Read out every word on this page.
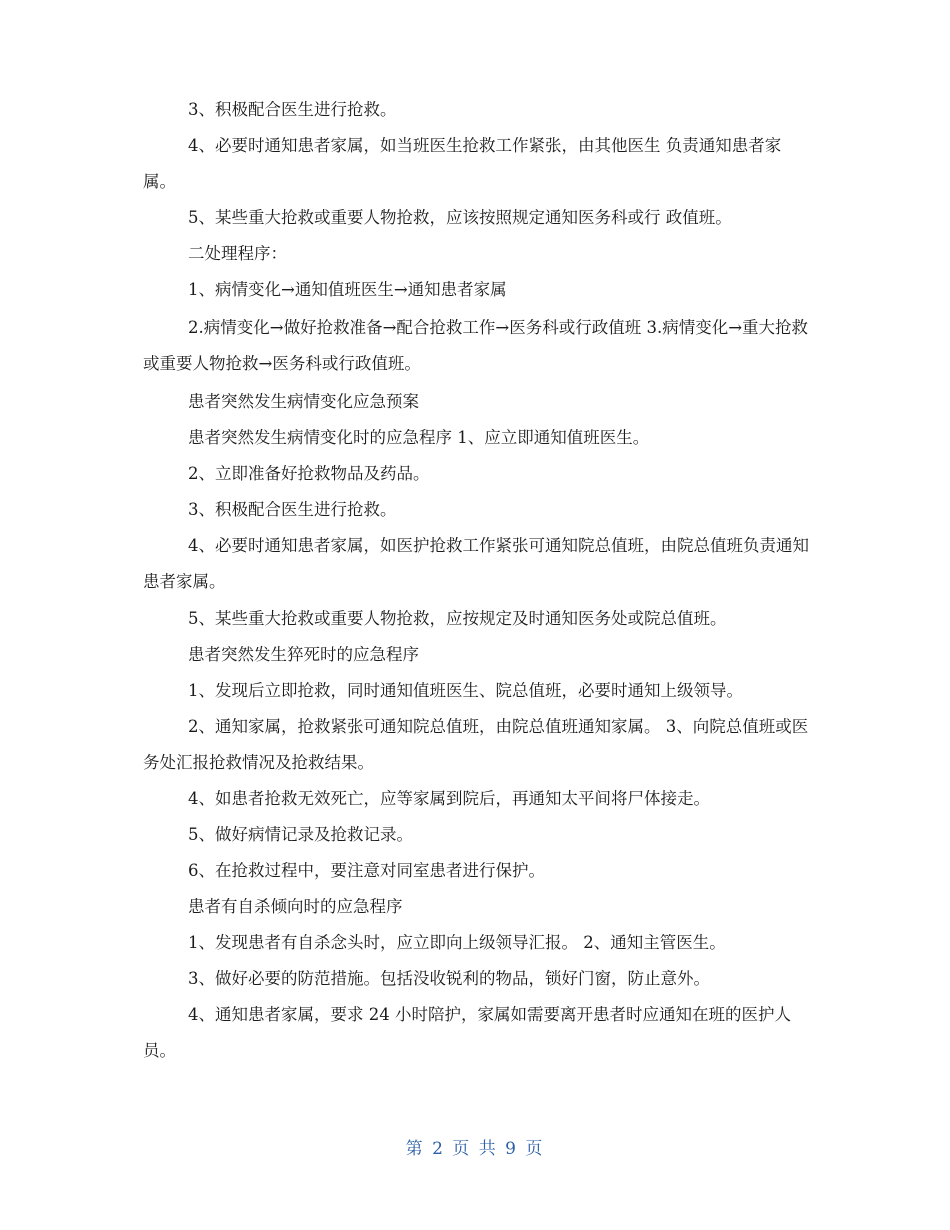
3、积极配合医生进行抢救。

4、必要时通知患者家属，如当班医生抢救工作紧张，由其他医生 负责通知患者家属。

5、某些重大抢救或重要人物抢救，应该按照规定通知医务科或行 政值班。

二处理程序：

1、病情变化→通知值班医生→通知患者家属

2.病情变化→做好抢救准备→配合抢救工作→医务科或行政值班 3.病情变化→重大抢救或重要人物抢救→医务科或行政值班。

患者突然发生病情变化应急预案

患者突然发生病情变化时的应急程序 1、应立即通知值班医生。

2、立即准备好抢救物品及药品。

3、积极配合医生进行抢救。

4、必要时通知患者家属，如医护抢救工作紧张可通知院总值班，由院总值班负责通知患者家属。

5、某些重大抢救或重要人物抢救，应按规定及时通知医务处或院总值班。

患者突然发生猝死时的应急程序

1、发现后立即抢救，同时通知值班医生、院总值班，必要时通知上级领导。

2、通知家属，抢救紧张可通知院总值班，由院总值班通知家属。 3、向院总值班或医务处汇报抢救情况及抢救结果。

4、如患者抢救无效死亡，应等家属到院后，再通知太平间将尸体接走。

5、做好病情记录及抢救记录。

6、在抢救过程中，要注意对同室患者进行保护。

患者有自杀倾向时的应急程序

1、发现患者有自杀念头时，应立即向上级领导汇报。 2、通知主管医生。

3、做好必要的防范措施。包括没收锐利的物品，锁好门窗，防止意外。

4、通知患者家属，要求 24 小时陪护，家属如需要离开患者时应通知在班的医护人员。

第 2 页 共 9 页
